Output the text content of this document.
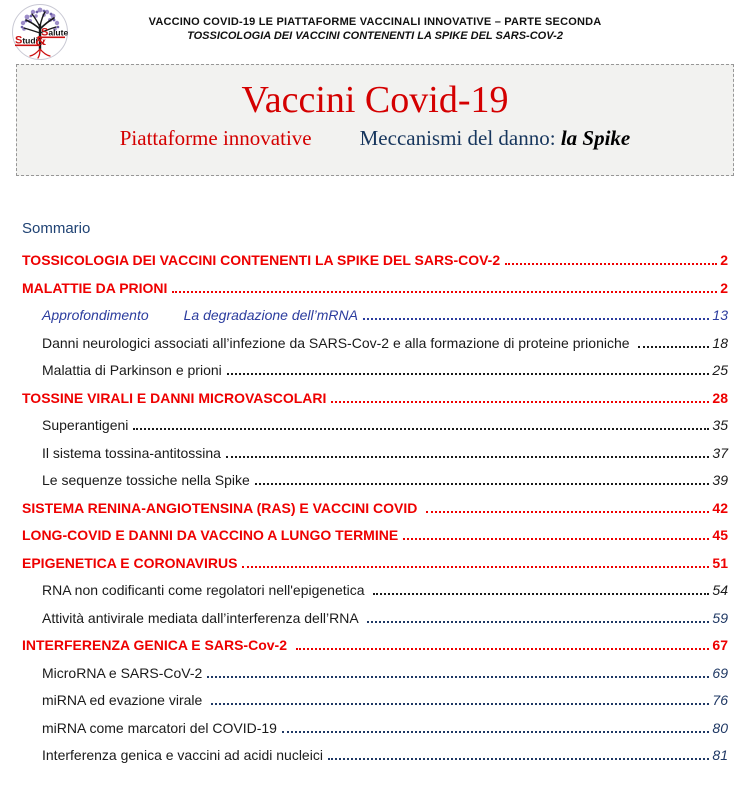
Studi
&
Salute
VACCINO COVID-19 LE PIATTAFORME VACCINALI INNOVATIVE – PARTE SECONDA
TOSSICOLOGIA DEI VACCINI CONTENENTI LA SPIKE DEL SARS-COV-2
Vaccini Covid-19
Piattaforme innovative Meccanismi del danno: la Spike
Sommario
TOSSICOLOGIA DEI VACCINI CONTENENTI LA SPIKE DEL SARS-COV-2	2
MALATTIE DA PRIONI	2
Approfondimento         La degradazione dell’mRNA	13
Danni neurologici associati all’infezione da SARS-Cov-2 e alla formazione di proteine prioniche	18
Malattia di Parkinson e prioni	25
TOSSINE VIRALI E DANNI MICROVASCOLARI	28
Superantigeni	35
Il sistema tossina-antitossina	37
Le sequenze tossiche nella Spike	39
SISTEMA RENINA-ANGIOTENSINA (RAS) E VACCINI COVID	42
LONG-COVID E DANNI DA VACCINO A LUNGO TERMINE	45
EPIGENETICA E CORONAVIRUS	51
RNA non codificanti come regolatori nell'epigenetica	54
Attività antivirale mediata dall’interferenza dell’RNA	59
INTERFERENZA GENICA E SARS-Cov-2	67
MicroRNA e SARS-CoV-2	69
miRNA ed evazione virale	76
miRNA come marcatori del COVID-19	80
Interferenza genica e vaccini ad acidi nucleici	81
